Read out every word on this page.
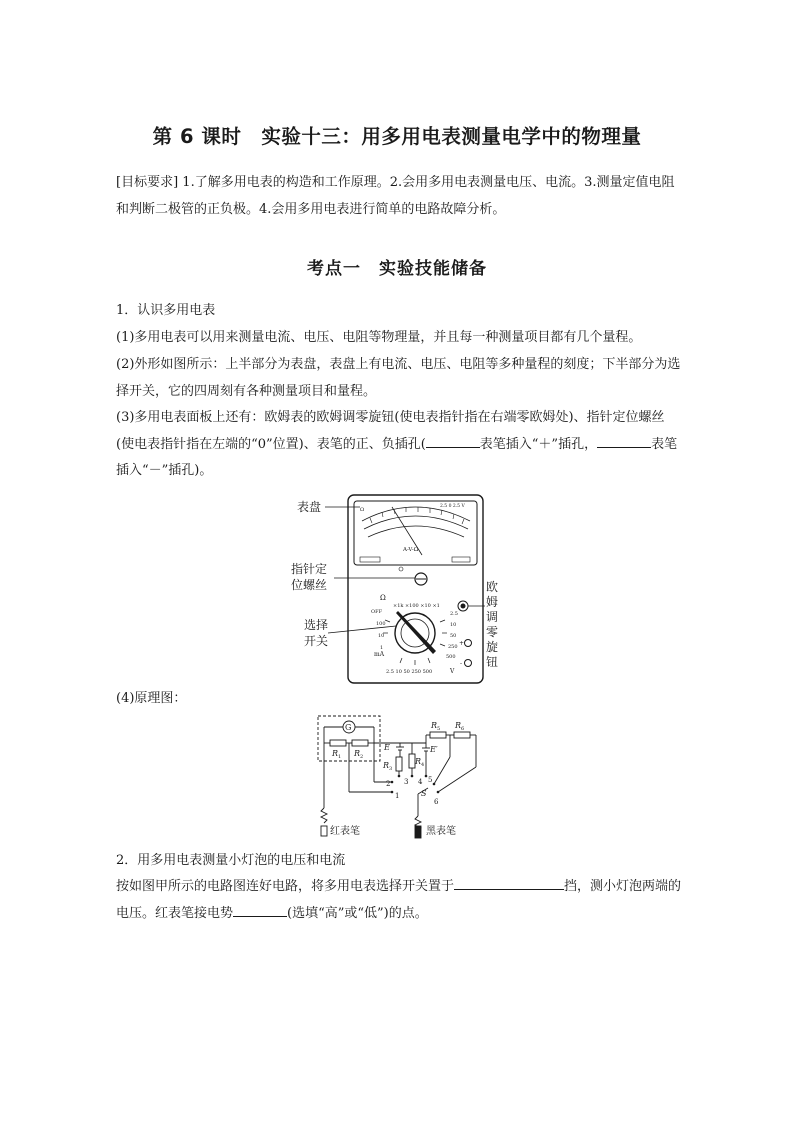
第 6 课时　实验十三：用多用电表测量电学中的物理量
[目标要求] 1.了解多用电表的构造和工作原理。2.会用多用电表测量电压、电流。3.测量定值电阻和判断二极管的正负极。4.会用多用电表进行简单的电路故障分析。
考点一　实验技能储备
1．认识多用电表
(1)多用电表可以用来测量电流、电压、电阻等物理量，并且每一种测量项目都有几个量程。
(2)外形如图所示：上半部分为表盘，表盘上有电流、电压、电阻等多种量程的刻度；下半部分为选择开关，它的四周刻有各种测量项目和量程。
(3)多用电表面板上还有：欧姆表的欧姆调零旋钮(使电表指针指在右端零欧姆处)、指针定位螺丝(使电表指针指在左端的“0”位置)、表笔的正、负插孔(	表笔插入“＋”插孔，	表笔插入“－”插孔)。
Ω
2.5 0 2.5 V
A-V-Ω
OFF
×1k ×100 ×10 ×1
Ω
100
10
1
mA
2.5
10
50
250
500
2.5 10 50 250 500	V
+
-
表盘
指针定
位螺丝
选择
开关
欧
姆
调
零
旋
钮
(4)原理图：
G
R 1 R 2
E	E′
R 3
R 4
R 5 R 6
S
1
2 3 4 5
6
红表笔	黑表笔
2．用多用电表测量小灯泡的电压和电流
按如图甲所示的电路图连好电路，将多用电表选择开关置于	挡，测小灯泡两端的电压。红表笔接电势	(选填“高”或“低”)的点。
